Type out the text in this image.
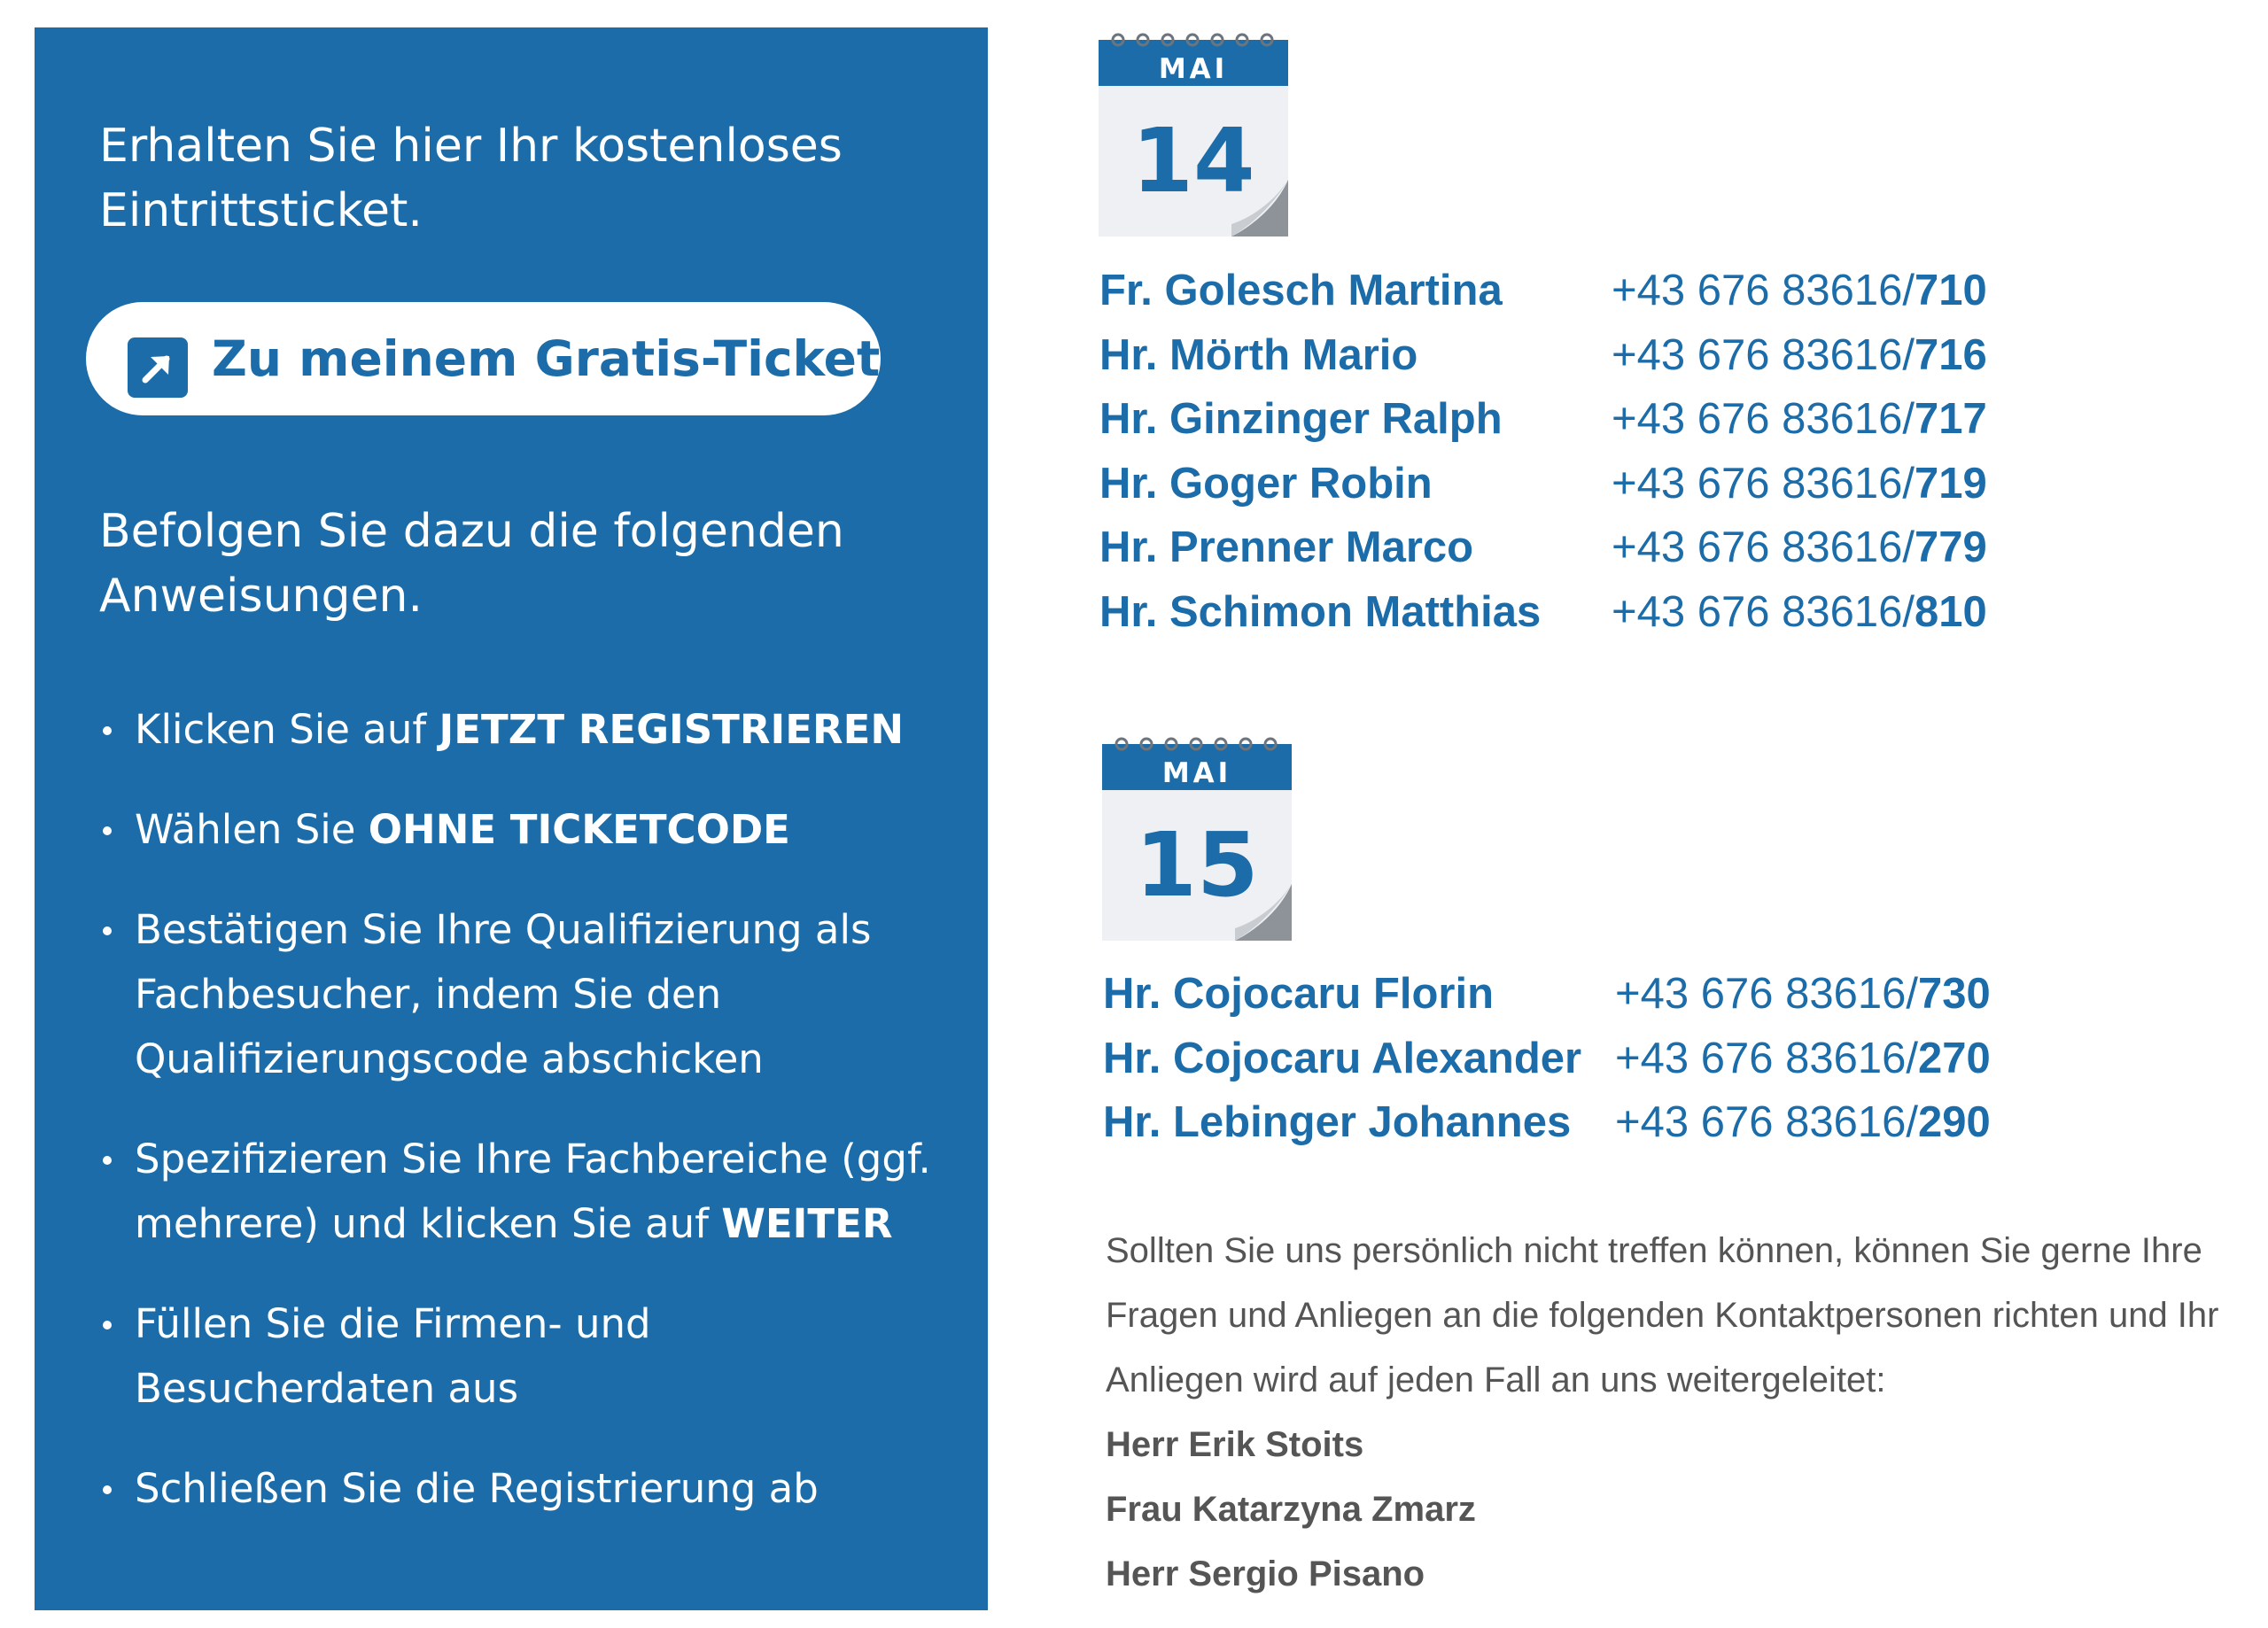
Erhalten Sie hier Ihr kostenloses Eintrittsticket.
Zu meinem Gratis-Ticket
Befolgen Sie dazu die folgenden Anweisungen.
Klicken Sie auf JETZT REGISTRIEREN
Wählen Sie OHNE TICKETCODE
Bestätigen Sie Ihre Qualifizierung als Fachbesucher, indem Sie den Qualifizierungscode abschicken
Spezifizieren Sie Ihre Fachbereiche (ggf. mehrere) und klicken Sie auf WEITER
Füllen Sie die Firmen- und Besucherdaten aus
Schließen Sie die Registrierung ab
MAI
14
Fr. Golesch Martina	+43 676 83616/710
Hr. Mörth Mario	+43 676 83616/716
Hr. Ginzinger Ralph	+43 676 83616/717
Hr. Goger Robin	+43 676 83616/719
Hr. Prenner Marco	+43 676 83616/779
Hr. Schimon Matthias +43 676 83616/810
MAI
15
Hr. Cojocaru Florin	+43 676 83616/730
Hr. Cojocaru Alexander +43 676 83616/270
Hr. Lebinger Johannes +43 676 83616/290

Sollten Sie uns persönlich nicht treffen können, können Sie gerne Ihre Fragen und Anliegen an die folgenden Kontaktpersonen richten und Ihr Anliegen wird auf jeden Fall an uns weitergeleitet:

Herr Erik Stoits
Frau Katarzyna Zmarz
Herr Sergio Pisano
